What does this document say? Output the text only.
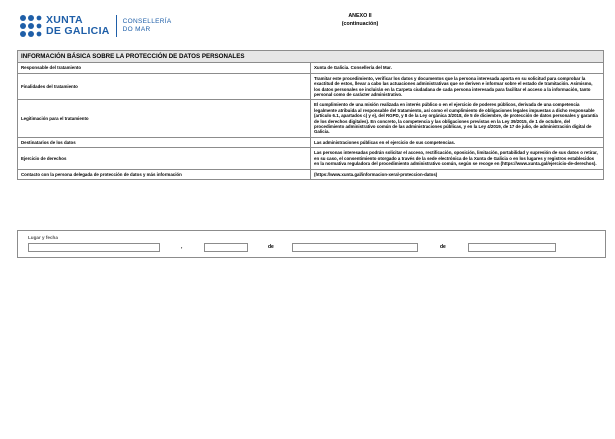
XUNTA
DE GALICIA
CONSELLERÍA
DO MAR
ANEXO II
(continuación)
INFORMACIÓN BÁSICA SOBRE LA PROTECCIÓN DE DATOS PERSONALES	
Responsable del tratamiento	Xunta de Galicia. Consellería del Mar.
Finalidades del tratamiento	Tramitar este procedimiento, verificar los datos y documentos que la persona interesada aporta en su solicitud para comprobar la exactitud de estos, llevar a cabo las actuaciones administrativas que se deriven e informar sobre el estado de tramitación. Asimismo, los datos personales se incluirán en la Carpeta ciudadana de cada persona interesada para facilitar el acceso a la información, tanto personal como de carácter administrativo.
Legitimación para el tratamiento	El cumplimiento de una misión realizada en interés público o en el ejercicio de poderes públicos, derivada de una competencia legalmente atribuida al responsable del tratamiento, así como el cumplimiento de obligaciones legales impuestas a dicho responsable (artículo 6.1, apartados c) y e), del RGPD, y 8 de la Ley orgánica 3/2018, de 5 de diciembre, de protección de datos personales y garantía de los derechos digitales). En concreto, la competencia y las obligaciones previstas en la Ley 39/2015, de 1 de octubre, del procedimiento administrativo común de las administraciones públicas, y en la Ley 4/2019, de 17 de julio, de administración digital de Galicia.
Destinatarios de los datos	Las administraciones públicas en el ejercicio de sus competencias.
Ejercicio de derechos	Las personas interesadas podrán solicitar el acceso, rectificación, oposición, limitación, portabilidad y supresión de sus datos o retirar, en su caso, el consentimiento otorgado a través de la sede electrónica de la Xunta de Galicia o en los lugares y registros establecidos en la normativa reguladora del procedimiento administrativo común, según se recoge en (https://www.xunta.gal/ejercicio-de-derechos).
Contacto con la persona delegada de protección de datos y más información	(https://www.xunta.gal/informacion-xeral-proteccion-datos)
Lugar y fecha
,	de	de
